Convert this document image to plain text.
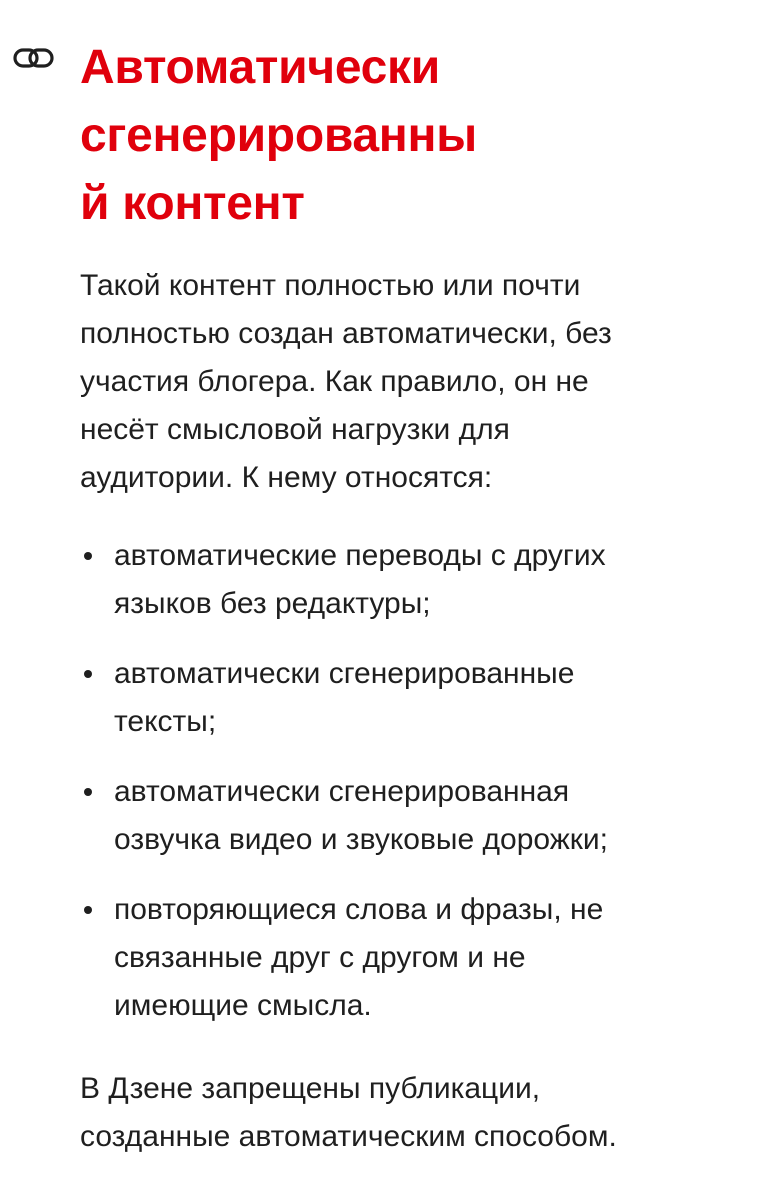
Автоматически
сгенерированны
й контент

Такой контент полностью или почти
полностью создан автоматически, без
участия блогера. Как правило, он не
несёт смысловой нагрузки для
аудитории. К нему относятся:

автоматические переводы с других
языков без редактуры;
автоматически сгенерированные
тексты;
автоматически сгенерированная
озвучка видео и звуковые дорожки;
повторяющиеся слова и фразы, не
связанные друг с другом и не
имеющие смысла.

В Дзене запрещены публикации,
созданные автоматическим способом.
